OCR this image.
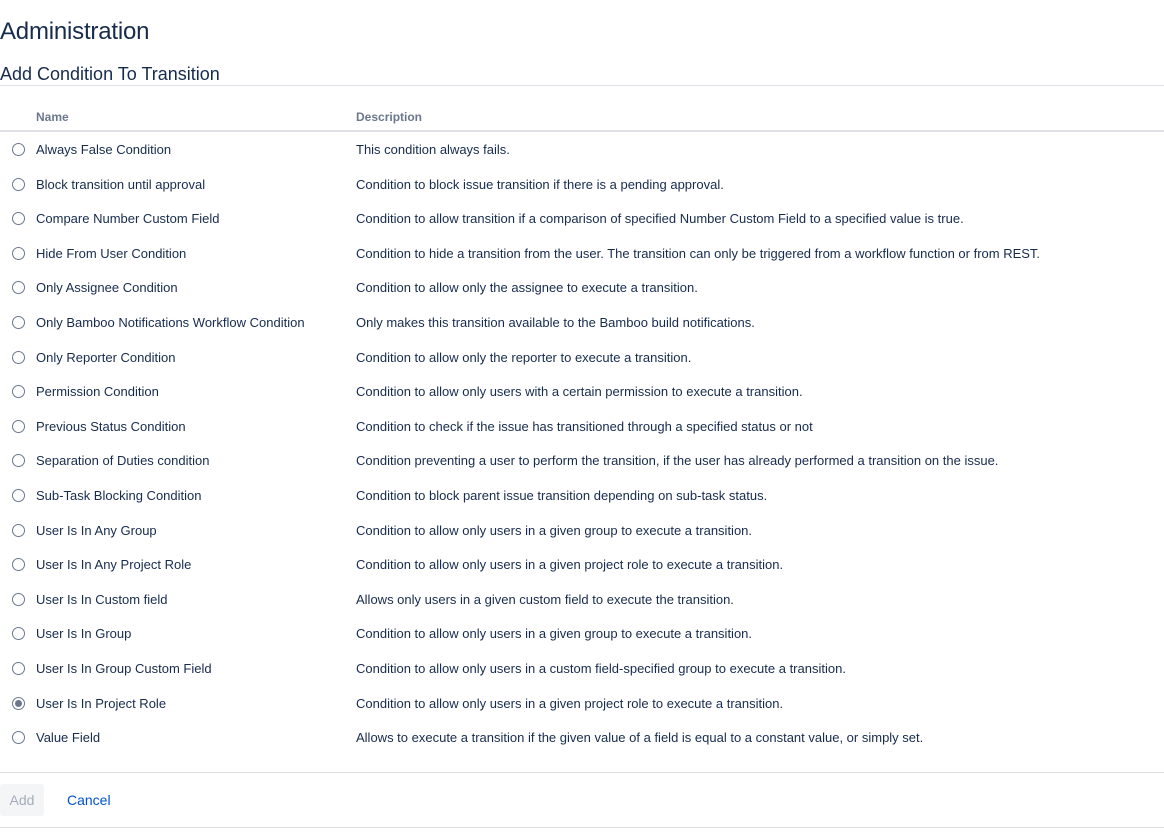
Administration
Add Condition To Transition
Name	Description
Always False Condition	This condition always fails.
Block transition until approval	Condition to block issue transition if there is a pending approval.
Compare Number Custom Field	Condition to allow transition if a comparison of specified Number Custom Field to a specified value is true.
Hide From User Condition	Condition to hide a transition from the user. The transition can only be triggered from a workflow function or from REST.
Only Assignee Condition	Condition to allow only the assignee to execute a transition.
Only Bamboo Notifications Workflow Condition	Only makes this transition available to the Bamboo build notifications.
Only Reporter Condition	Condition to allow only the reporter to execute a transition.
Permission Condition	Condition to allow only users with a certain permission to execute a transition.
Previous Status Condition	Condition to check if the issue has transitioned through a specified status or not
Separation of Duties condition	Condition preventing a user to perform the transition, if the user has already performed a transition on the issue.
Sub-Task Blocking Condition	Condition to block parent issue transition depending on sub-task status.
User Is In Any Group	Condition to allow only users in a given group to execute a transition.
User Is In Any Project Role	Condition to allow only users in a given project role to execute a transition.
User Is In Custom field	Allows only users in a given custom field to execute the transition.
User Is In Group	Condition to allow only users in a given group to execute a transition.
User Is In Group Custom Field	Condition to allow only users in a custom field-specified group to execute a transition.
User Is In Project Role	Condition to allow only users in a given project role to execute a transition.
Value Field	Allows to execute a transition if the given value of a field is equal to a constant value, or simply set.
Add	Cancel
